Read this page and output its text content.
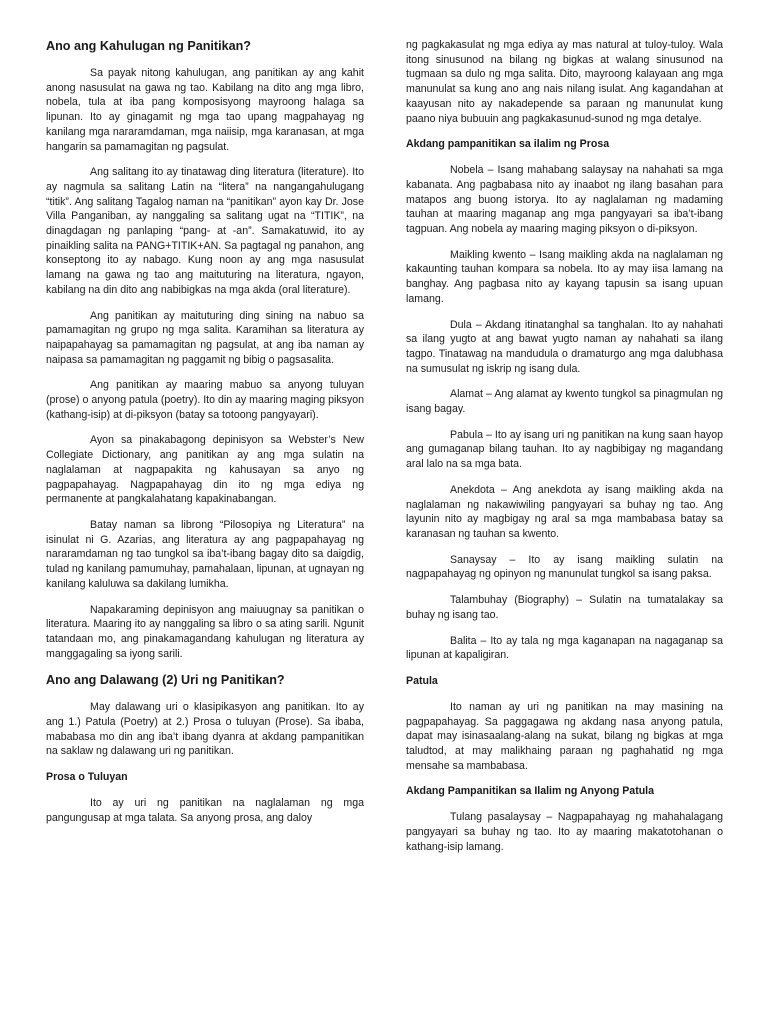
Ano ang Kahulugan ng Panitikan?

Sa payak nitong kahulugan, ang panitikan ay ang kahit anong nasusulat na gawa ng tao. Kabilang na dito ang mga libro, nobela, tula at iba pang komposisyong mayroong halaga sa lipunan. Ito ay ginagamit ng mga tao upang magpahayag ng kanilang mga nararamdaman, mga naiisip, mga karanasan, at mga hangarin sa pamamagitan ng pagsulat.

Ang salitang ito ay tinatawag ding literatura (literature). Ito ay nagmula sa salitang Latin na “litera” na nangangahulugang “titik”. Ang salitang Tagalog naman na “panitikan” ayon kay Dr. Jose Villa Panganiban, ay nanggaling sa salitang ugat na “TITIK”, na dinagdagan ng panlaping “pang- at -an”. Samakatuwid, ito ay pinaikling salita na PANG+TITIK+AN. Sa pagtagal ng panahon, ang konseptong ito ay nabago. Kung noon ay ang mga nasusulat lamang na gawa ng tao ang maituturing na literatura, ngayon, kabilang na din dito ang nabibigkas na mga akda (oral literature).

Ang panitikan ay maituturing ding sining na nabuo sa pamamagitan ng grupo ng mga salita. Karamihan sa literatura ay naipapahayag sa pamamagitan ng pagsulat, at ang iba naman ay naipasa sa pamamagitan ng paggamit ng bibig o pagsasalita.

Ang panitikan ay maaring mabuo sa anyong tuluyan (prose) o anyong patula (poetry). Ito din ay maaring maging piksyon (kathang-isip) at di-piksyon (batay sa totoong pangyayari).

Ayon sa pinakabagong depinisyon sa Webster’s New Collegiate Dictionary, ang panitikan ay ang mga sulatin na naglalaman at nagpapakita ng kahusayan sa anyo ng pagpapahayag. Nagpapahayag din ito ng mga ediya ng permanente at pangkalahatang kapakinabangan.

Batay naman sa librong “Pilosopiya ng Literatura” na isinulat ni G. Azarias, ang literatura ay ang pagpapahayag ng nararamdaman ng tao tungkol sa iba’t-ibang bagay dito sa daigdig, tulad ng kanilang pamumuhay, pamahalaan, lipunan, at ugnayan ng kanilang kaluluwa sa dakilang lumikha.

Napakaraming depinisyon ang maiuugnay sa panitikan o literatura. Maaring ito ay nanggaling sa libro o sa ating sarili. Ngunit tatandaan mo, ang pinakamagandang kahulugan ng literatura ay manggagaling sa iyong sarili.

Ano ang Dalawang (2) Uri ng Panitikan?

May dalawang uri o klasipikasyon ang panitikan. Ito ay ang 1.) Patula (Poetry) at 2.) Prosa o tuluyan (Prose). Sa ibaba, mababasa mo din ang iba’t ibang dyanra at akdang pampanitikan na saklaw ng dalawang uri ng panitikan.

Prosa o Tuluyan

Ito ay uri ng panitikan na naglalaman ng mga pangungusap at mga talata. Sa anyong prosa, ang daloy

ng pagkakasulat ng mga ediya ay mas natural at tuloy-tuloy. Wala itong sinusunod na bilang ng bigkas at walang sinusunod na tugmaan sa dulo ng mga salita. Dito, mayroong kalayaan ang mga manunulat sa kung ano ang nais nilang isulat. Ang kagandahan at kaayusan nito ay nakadepende sa paraan ng manunulat kung paano niya bubuuin ang pagkakasunud-sunod ng mga detalye.

Akdang pampanitikan sa ilalim ng Prosa

Nobela – Isang mahabang salaysay na nahahati sa mga kabanata. Ang pagbabasa nito ay inaabot ng ilang basahan para matapos ang buong istorya. Ito ay naglalaman ng madaming tauhan at maaring maganap ang mga pangyayari sa iba’t-ibang tagpuan. Ang nobela ay maaring maging piksyon o di-piksyon.

Maikling kwento – Isang maikling akda na naglalaman ng kakaunting tauhan kompara sa nobela. Ito ay may iisa lamang na banghay. Ang pagbasa nito ay kayang tapusin sa isang upuan lamang.

Dula – Akdang itinatanghal sa tanghalan. Ito ay nahahati sa ilang yugto at ang bawat yugto naman ay nahahati sa ilang tagpo. Tinatawag na mandudula o dramaturgo ang mga dalubhasa na sumusulat ng iskrip ng isang dula.

Alamat – Ang alamat ay kwento tungkol sa pinagmulan ng isang bagay.

Pabula – Ito ay isang uri ng panitikan na kung saan hayop ang gumaganap bilang tauhan. Ito ay nagbibigay ng magandang aral lalo na sa mga bata.

Anekdota – Ang anekdota ay isang maikling akda na naglalaman ng nakawiwiling pangyayari sa buhay ng tao. Ang layunin nito ay magbigay ng aral sa mga mambabasa batay sa karanasan ng tauhan sa kwento.

Sanaysay – Ito ay isang maikling sulatin na nagpapahayag ng opinyon ng manunulat tungkol sa isang paksa.

Talambuhay (Biography) – Sulatin na tumatalakay sa buhay ng isang tao.

Balita – Ito ay tala ng mga kaganapan na nagaganap sa lipunan at kapaligiran.

Patula

Ito naman ay uri ng panitikan na may masining na pagpapahayag. Sa paggagawa ng akdang nasa anyong patula, dapat may isinasaalang-alang na sukat, bilang ng bigkas at mga taludtod, at may malikhaing paraan ng paghahatid ng mga mensahe sa mambabasa.

Akdang Pampanitikan sa Ilalim ng Anyong Patula

Tulang pasalaysay – Nagpapahayag ng mahahalagang pangyayari sa buhay ng tao. Ito ay maaring makatotohanan o kathang-isip lamang.
